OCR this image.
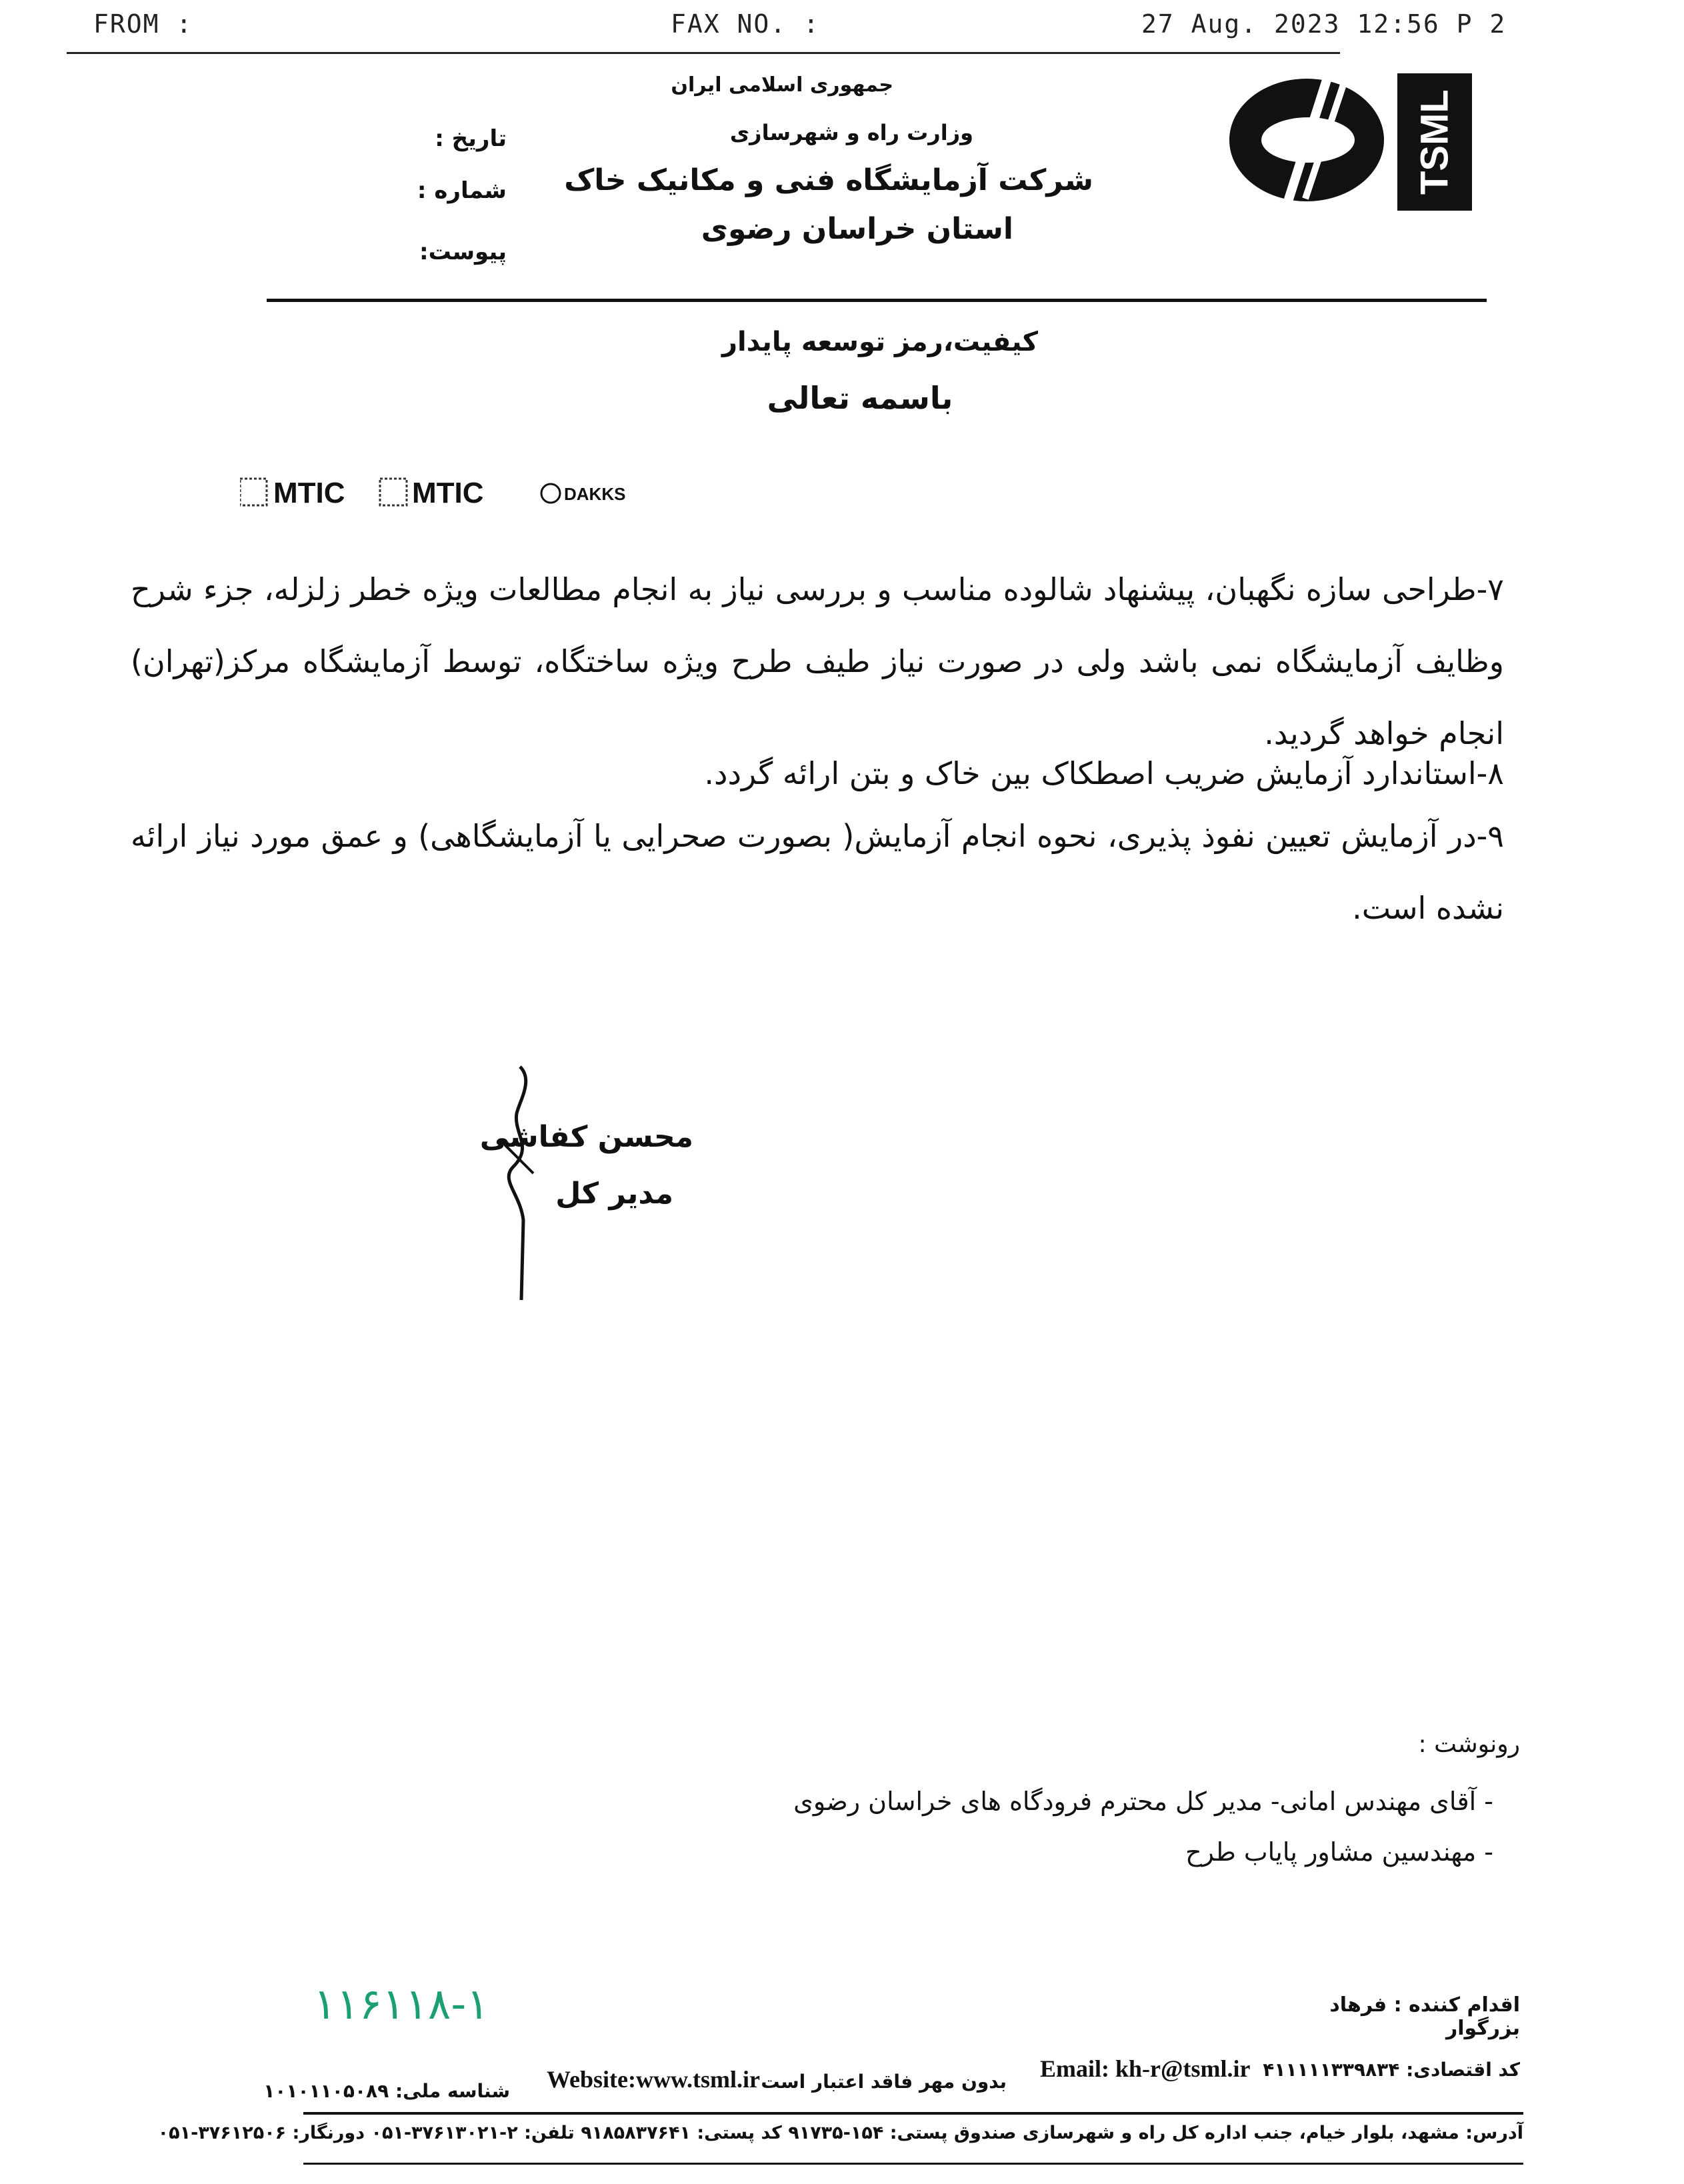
FROM :	FAX NO. :	27 Aug. 2023 12:56 P 2
جمهوری اسلامی ایران
وزارت راه و شهرسازی
شرکت آزمایشگاه فنی و مکانیک خاک
استان خراسان رضوی
تاریخ :
شماره :
پیوست:
TSML
کیفیت،رمز توسعه پایدار
باسمه تعالی
MTIC MTIC	DAKKS
۷-طراحی سازه نگهبان، پیشنهاد شالوده مناسب و بررسی نیاز به انجام مطالعات ویژه خطر زلزله، جزء شرح وظایف آزمایشگاه نمی باشد ولی در صورت نیاز طیف طرح ویژه ساختگاه، توسط آزمایشگاه مرکز(تهران) انجام خواهد گردید.
۸-استاندارد آزمایش ضریب اصطکاک بین خاک و بتن ارائه گردد.
۹-در آزمایش تعیین نفوذ پذیری، نحوه انجام آزمایش( بصورت صحرایی یا آزمایشگاهی) و عمق مورد نیاز ارائه نشده است.
محسن کفاشی
مدیر کل
رونوشت :
- آقای مهندس امانی- مدیر کل محترم فرودگاه های خراسان رضوی
- مهندسین مشاور پایاب طرح
۱۱۶۱۱۸-۱	اقدام کننده : فرهاد بزرگوار
کد اقتصادی: ۴۱۱۱۱۱۳۳۹۸۳۴
Email: kh-r@tsml.ir
بدون مهر فاقد اعتبار است
Website:www.tsml.ir
شناسه ملی: ۱۰۱۰۱۱۰۵۰۸۹
آدرس: مشهد، بلوار خیام، جنب اداره کل راه و شهرسازی صندوق پستی: ۱۵۴-۹۱۷۳۵ کد پستی: ۹۱۸۵۸۳۷۶۴۱ تلفن: ۲-۳۷۶۱۳۰۲۱-۰۵۱ دورنگار: ۳۷۶۱۲۵۰۶-۰۵۱
